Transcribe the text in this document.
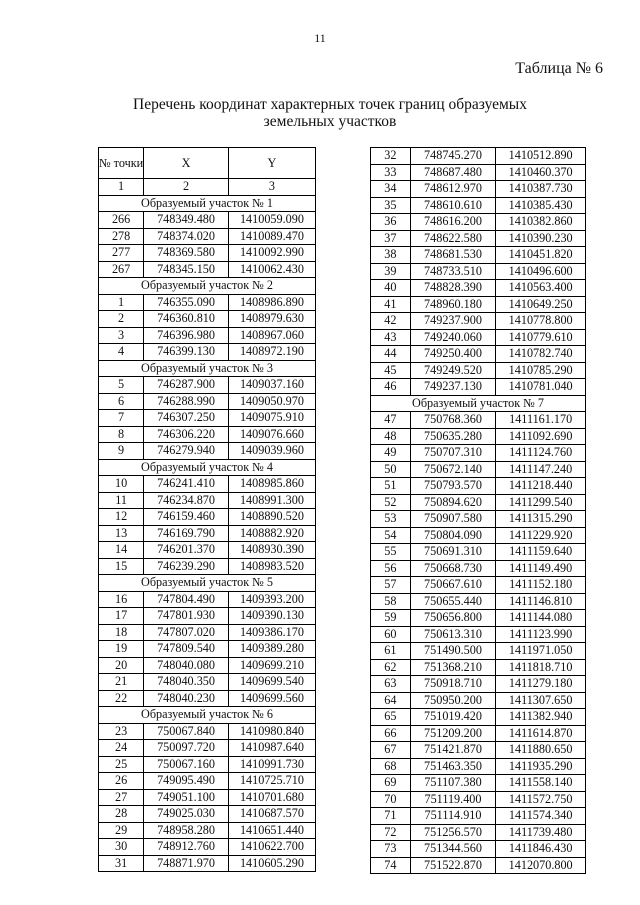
11
Таблица № 6
Перечень координат характерных точек границ образуемых земельных участков
№ точки	X	Y
1	2	3
Образуемый участок № 1		
266	748349.480	1410059.090
278	748374.020	1410089.470
277	748369.580	1410092.990
267	748345.150	1410062.430
Образуемый участок № 2		
1	746355.090	1408986.890
2	746360.810	1408979.630
3	746396.980	1408967.060
4	746399.130	1408972.190
Образуемый участок № 3		
5	746287.900	1409037.160
6	746288.990	1409050.970
7	746307.250	1409075.910
8	746306.220	1409076.660
9	746279.940	1409039.960
Образуемый участок № 4		
10	746241.410	1408985.860
11	746234.870	1408991.300
12	746159.460	1408890.520
13	746169.790	1408882.920
14	746201.370	1408930.390
15	746239.290	1408983.520
Образуемый участок № 5		
16	747804.490	1409393.200
17	747801.930	1409390.130
18	747807.020	1409386.170
19	747809.540	1409389.280
20	748040.080	1409699.210
21	748040.350	1409699.540
22	748040.230	1409699.560
Образуемый участок № 6		
23	750067.840	1410980.840
24	750097.720	1410987.640
25	750067.160	1410991.730
26	749095.490	1410725.710
27	749051.100	1410701.680
28	749025.030	1410687.570
29	748958.280	1410651.440
30	748912.760	1410622.700
31	748871.970	1410605.290
32	748745.270	1410512.890
33	748687.480	1410460.370
34	748612.970	1410387.730
35	748610.610	1410385.430
36	748616.200	1410382.860
37	748622.580	1410390.230
38	748681.530	1410451.820
39	748733.510	1410496.600
40	748828.390	1410563.400
41	748960.180	1410649.250
42	749237.900	1410778.800
43	749240.060	1410779.610
44	749250.400	1410782.740
45	749249.520	1410785.290
46	749237.130	1410781.040
Образуемый участок № 7		
47	750768.360	1411161.170
48	750635.280	1411092.690
49	750707.310	1411124.760
50	750672.140	1411147.240
51	750793.570	1411218.440
52	750894.620	1411299.540
53	750907.580	1411315.290
54	750804.090	1411229.920
55	750691.310	1411159.640
56	750668.730	1411149.490
57	750667.610	1411152.180
58	750655.440	1411146.810
59	750656.800	1411144.080
60	750613.310	1411123.990
61	751490.500	1411971.050
62	751368.210	1411818.710
63	750918.710	1411279.180
64	750950.200	1411307.650
65	751019.420	1411382.940
66	751209.200	1411614.870
67	751421.870	1411880.650
68	751463.350	1411935.290
69	751107.380	1411558.140
70	751119.400	1411572.750
71	751114.910	1411574.340
72	751256.570	1411739.480
73	751344.560	1411846.430
74	751522.870	1412070.800
